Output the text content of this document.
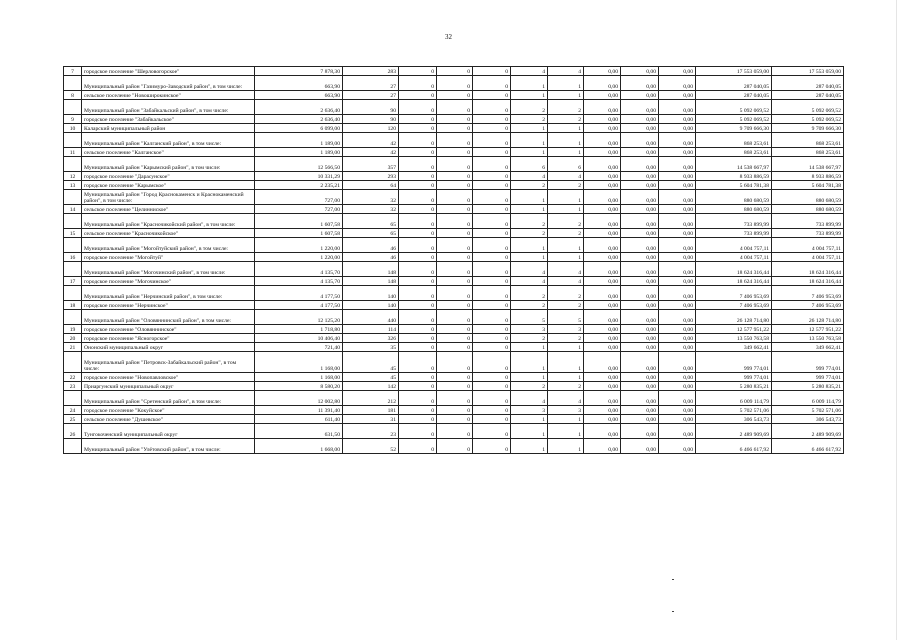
32
7	городское поселение "Шерловогорское"	7 878,30	283	0	0	0	4	4	0,00	0,00	0,00	17 553 059,00	17 553 059,00
	Муниципальный район "Газимуро-Заводский район", в том числе:	663,90	27	0	0	0	1	1	0,00	0,00	0,00	287 040,05	287 040,05
8	сельское поселение "Новоширокинское"	663,90	27	0	0	0	1	1	0,00	0,00	0,00	287 040,05	287 040,05
	Муниципальный район "Забайкальский район", в том числе:	2 636,40	90	0	0	0	2	2	0,00	0,00	0,00	5 092 069,52	5 092 069,52
9	городское поселение "Забайкальское"	2 636,40	90	0	0	0	2	2	0,00	0,00	0,00	5 092 069,52	5 092 069,52
10	Каларский муниципальный район	6 099,00	120	0	0	0	1	1	0,00	0,00	0,00	9 709 666,30	9 709 666,30
	Муниципальный район "Калганский район", в том числе:	1 189,00	42	0	0	0	1	1	0,00	0,00	0,00	868 253,61	868 253,61
11	сельское поселение "Калганское"	1 189,00	42	0	0	0	1	1	0,00	0,00	0,00	868 253,61	868 253,61
	Муниципальный район "Карымский район", в том числе:	12 566,50	357	0	0	0	6	6	0,00	0,00	0,00	14 538 667,97	14 538 667,97
12	городское поселение "Дарасунское"	10 331,29	293	0	0	0	4	4	0,00	0,00	0,00	8 933 886,59	8 933 886,59
13	городское поселение "Карымское"	2 235,21	64	0	0	0	2	2	0,00	0,00	0,00	5 604 781,38	5 604 781,38
	Муниципальный район "Город Краснокаменск и Краснокаменский район", в том числе:	727,00	32	0	0	0	1	1	0,00	0,00	0,00	880 680,59	880 680,59
14	сельское поселение "Целинниское"	727,00	32	0	0	0	1	1	0,00	0,00	0,00	880 680,59	880 680,59
	Муниципальный район "Красночикойский район", в том числе:	1 607,58	65	0	0	0	2	2	0,00	0,00	0,00	733 899,99	733 899,99
15	сельское поселение "Красночикойское"	1 607,58	65	0	0	0	2	2	0,00	0,00	0,00	733 899,99	733 899,99
	Муниципальный район "Могойтуйский район", в том числе:	1 220,00	46	0	0	0	1	1	0,00	0,00	0,00	4 004 757,11	4 004 757,11
16	городское поселение "Могойтуй"	1 220,00	46	0	0	0	1	1	0,00	0,00	0,00	4 004 757,11	4 004 757,11
	Муниципальный район "Могочинский район", в том числе:	4 135,70	148	0	0	0	4	4	0,00	0,00	0,00	18 624 316,44	18 624 316,44
17	городское поселение "Могочинское"	4 135,70	148	0	0	0	4	4	0,00	0,00	0,00	18 624 316,44	18 624 316,44
	Муниципальный район "Нерчинский район", в том числе:	4 177,50	140	0	0	0	2	2	0,00	0,00	0,00	7 406 953,69	7 406 953,69
18	городское поселение "Нерчинское"	4 177,50	140	0	0	0	2	2	0,00	0,00	0,00	7 406 953,69	7 406 953,69
	Муниципальный район "Оловяннинский район", в том числе:	12 125,20	440	0	0	0	5	5	0,00	0,00	0,00	26 128 714,80	26 128 714,80
19	городское поселение "Оловяннинское"	1 718,80	114	0	0	0	3	3	0,00	0,00	0,00	12 577 951,22	12 577 951,22
20	городское поселение "Ясногорское"	10 406,40	326	0	0	0	2	2	0,00	0,00	0,00	13 550 763,58	13 550 763,58
21	Ононский муниципальный округ	721,40	35	0	0	0	1	1	0,00	0,00	0,00	349 662,41	349 662,41
	Муниципальный район "Петровск-Забайкальский район", в том числе:	1 168,00	45	0	0	0	1	1	0,00	0,00	0,00	999 774,01	999 774,01
22	городское поселение "Новопавловское"	1 168,00	45	0	0	0	1	1	0,00	0,00	0,00	999 774,01	999 774,01
23	Приаргунский муниципальный округ	8 580,20	142	0	0	0	2	2	0,00	0,00	0,00	5 280 835,21	5 280 835,21
	Муниципальный район "Сретенский район", в том числе:	12 002,80	212	0	0	0	4	4	0,00	0,00	0,00	6 009 114,79	6 009 114,79
24	городское поселение "Кокуйское"	11 391,40	181	0	0	0	3	3	0,00	0,00	0,00	5 702 571,06	5 702 571,06
25	сельское поселение "Душевское"	611,40	31	0	0	0	1	1	0,00	0,00	0,00	306 543,73	306 543,73
26	Тунгокоченский муниципальный округ	631,50	23	0	0	0	1	1	0,00	0,00	0,00	2 489 909,69	2 489 909,69
	Муниципальный район "Улётовский район", в том числе:	1 668,00	52	0	0	0	1	1	0,00	0,00	0,00	6 466 617,92	6 466 617,92
